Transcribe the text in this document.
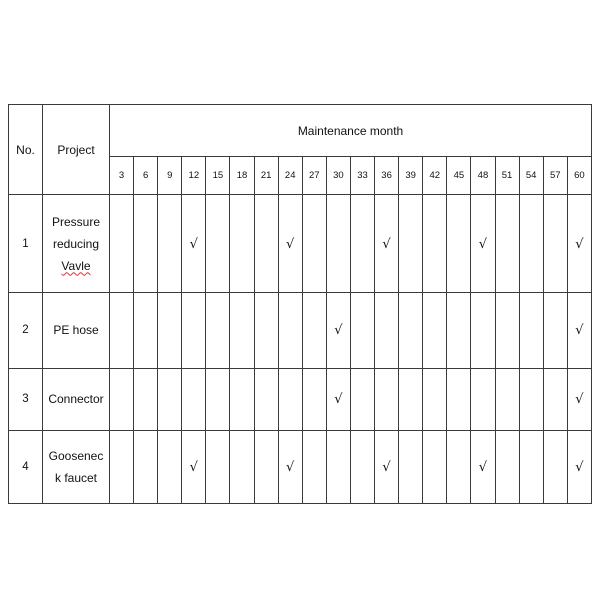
No.	Project	Maintenance month																			
		3	6	9	12	15	18	21	24	27	30	33	36	39	42	45	48	51	54	57	60
1	Pressure
reducing
Vavle				√				√				√				√				√
2	PE hose										√										√
3	Connector										√										√
4	Goosenec
k faucet				√				√				√				√				√
